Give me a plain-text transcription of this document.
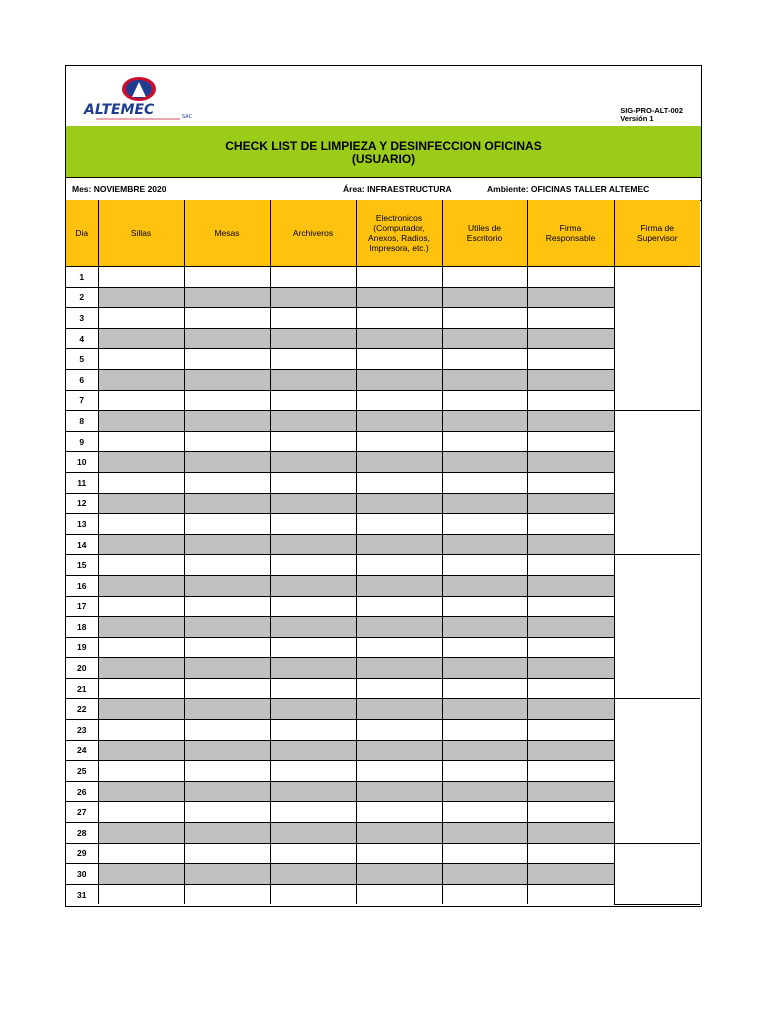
ALTEMEC	SAC
SIG-PRO-ALT-002
Versión 1
CHECK LIST DE LIMPIEZA Y DESINFECCION OFICINAS
(USUARIO)
Mes: NOVIEMBRE 2020	Área: INFRAESTRUCTURA	Ambiente: OFICINAS TALLER ALTEMEC
Dia	Sillas	Mesas	Archiveros	Electronicos
(Computador,
Anexos, Radios,
Impresora, etc.)	Utiles de
Escritorio	Firma
Responsable	Firma de
Supervisor
1							
2							
3							
4							
5							
6							
7							
8							
9							
10							
11							
12							
13							
14							
15							
16							
17							
18							
19							
20							
21							
22							
23							
24							
25							
26							
27							
28							
29							
30							
31							
